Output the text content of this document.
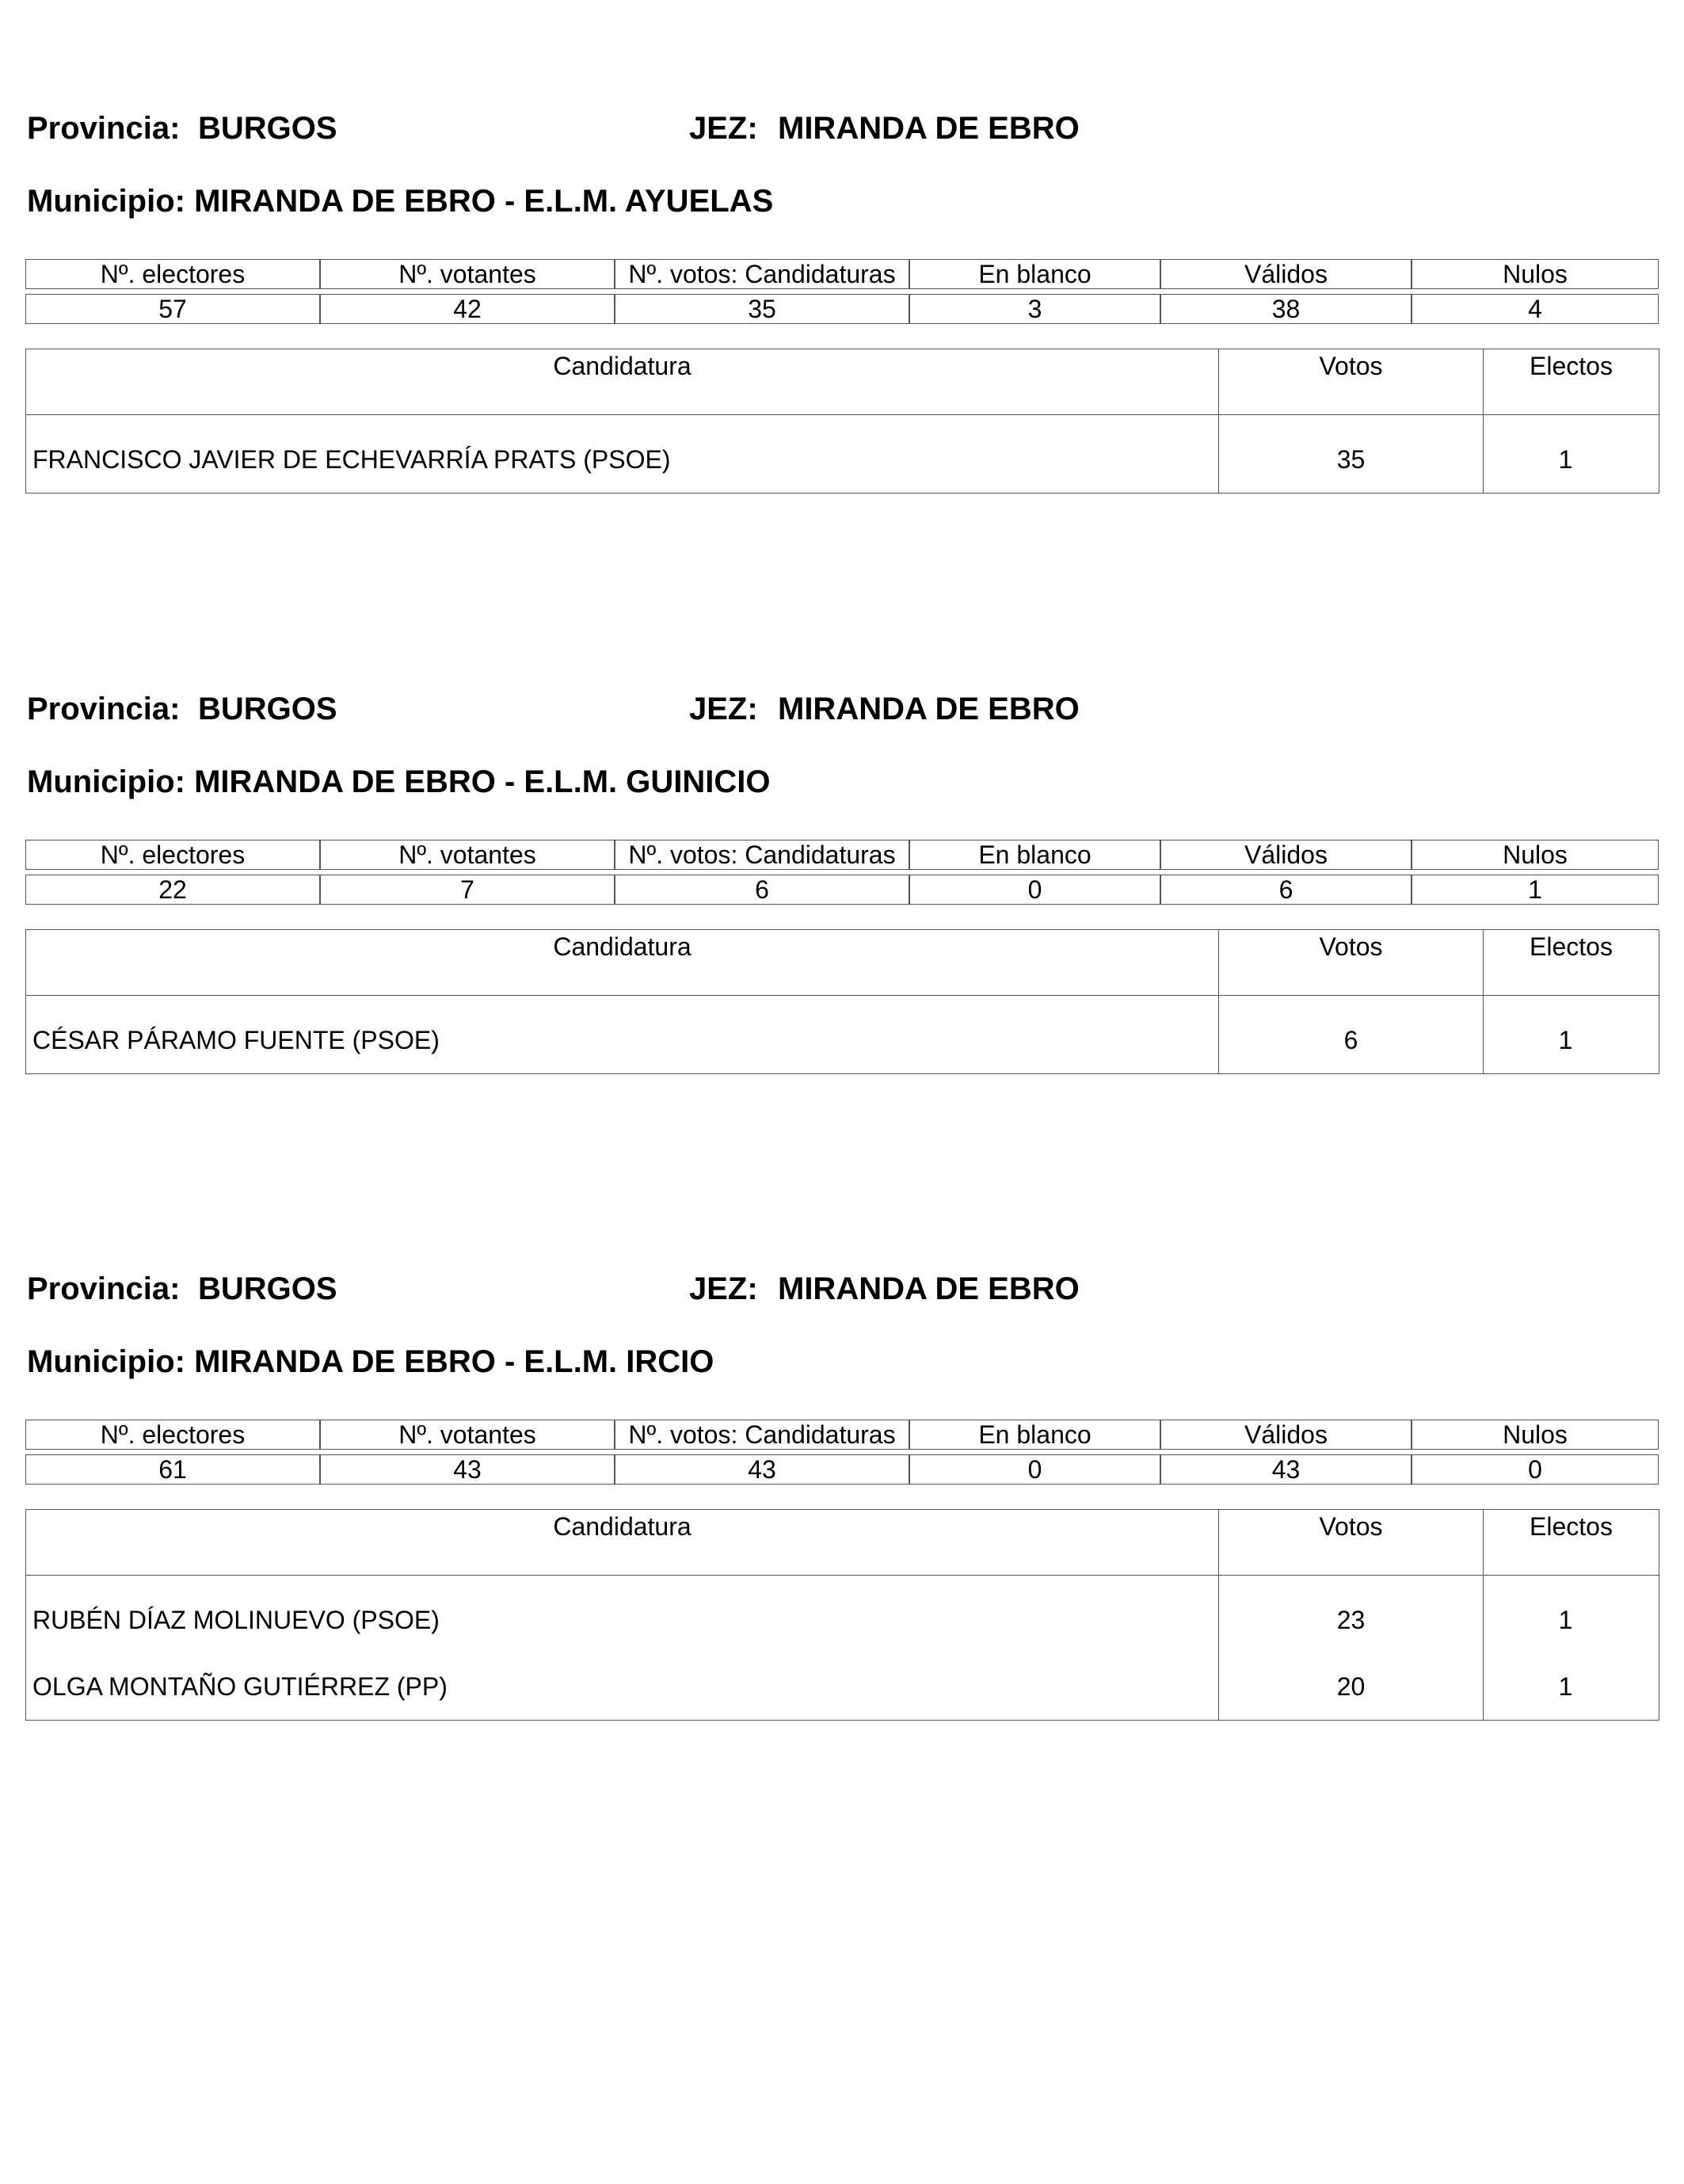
Provincia: BURGOS	JEZ: MIRANDA DE EBRO
Municipio: MIRANDA DE EBRO - E.L.M. AYUELAS
Nº. electores	Nº. votantes	Nº. votos: Candidaturas	En blanco	Válidos	Nulos

57	42	35	3	38	4
Candidatura	Votos	Electos
FRANCISCO JAVIER DE ECHEVARRÍA PRATS (PSOE)	35	1
Provincia: BURGOS	JEZ: MIRANDA DE EBRO
Municipio: MIRANDA DE EBRO - E.L.M. GUINICIO
Nº. electores	Nº. votantes	Nº. votos: Candidaturas	En blanco	Válidos	Nulos

22	7	6	0	6	1
Candidatura	Votos	Electos
CÉSAR PÁRAMO FUENTE (PSOE)	6	1
Provincia: BURGOS	JEZ: MIRANDA DE EBRO
Municipio: MIRANDA DE EBRO - E.L.M. IRCIO
Nº. electores	Nº. votantes	Nº. votos: Candidaturas	En blanco	Válidos	Nulos

61	43	43	0	43	0
Candidatura	Votos	Electos
RUBÉN DÍAZ MOLINUEVO (PSOE)	23	1
OLGA MONTAÑO GUTIÉRREZ (PP)	20	1
